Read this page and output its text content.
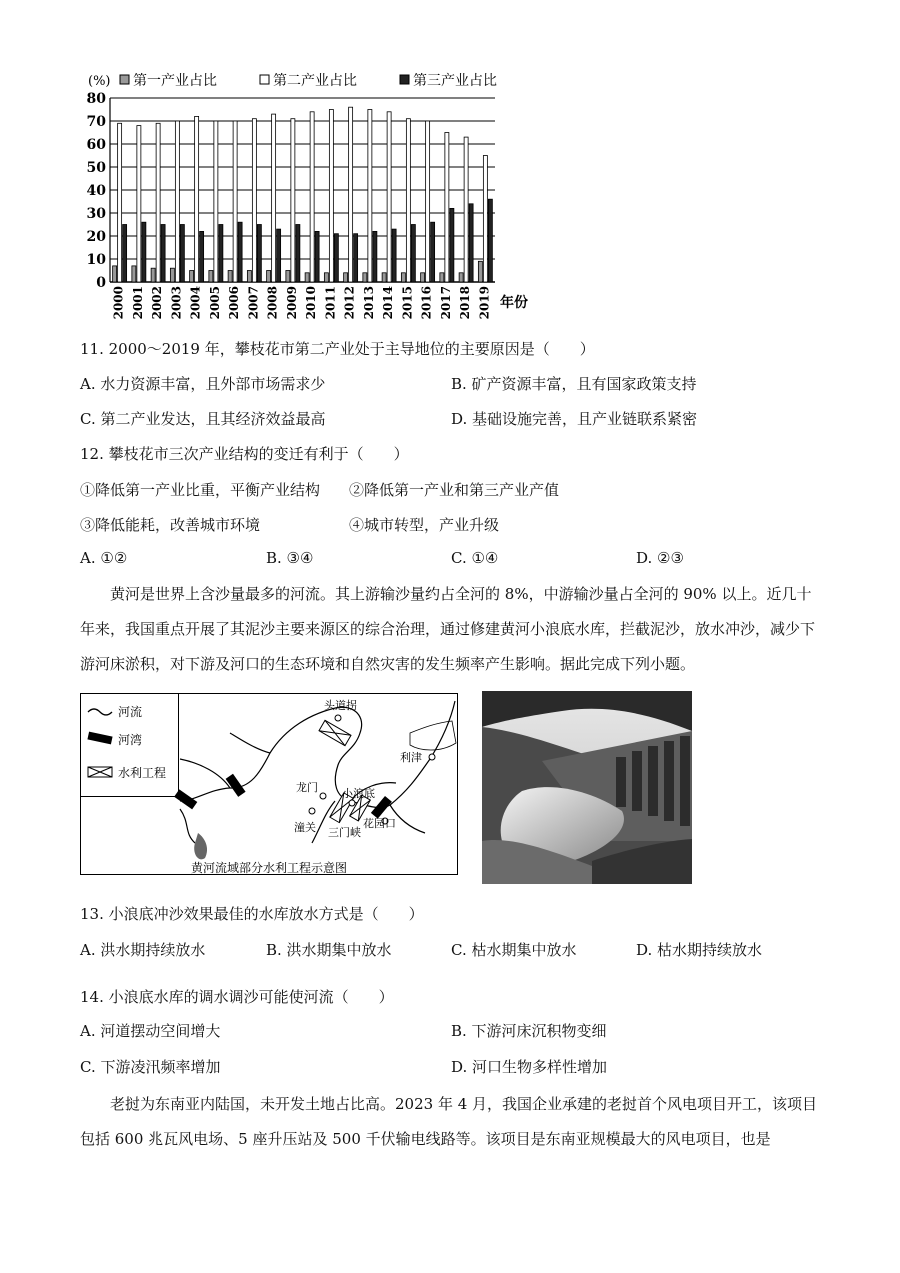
(%) 第一产业占比	第二产业占比	第三产业占比
0
10
20
30
40
50
60
70
80
2000 2001 2002 2003 2004 2005 2006 2007 2008 2009 2010 2011 2012 2013 2014 2015 2016 2017 2018 2019 年份
11. 2000～2019 年，攀枝花市第二产业处于主导地位的主要原因是（　　）
A. 水力资源丰富，且外部市场需求少	B. 矿产资源丰富，且有国家政策支持
C. 第二产业发达，且其经济效益最高	D. 基础设施完善，且产业链联系紧密
12. 攀枝花市三次产业结构的变迁有利于（　　）
①降低第一产业比重，平衡产业结构 ②降低第一产业和第三产业产值
③降低能耗，改善城市环境	④城市转型，产业升级
A. ①②	B. ③④	C. ①④	D. ②③
黄河是世界上含沙量最多的河流。其上游输沙量约占全河的 8%，中游输沙量占全河的 90% 以上。近几十年来，我国重点开展了其泥沙主要来源区的综合治理，通过修建黄河小浪底水库，拦截泥沙，放水冲沙，减少下游河床淤积，对下游及河口的生态环境和自然灾害的发生频率产生影响。据此完成下列小题。
河流
河湾
水利工程
头道拐
利津
龙门 小浪底
潼关 三门峡
花园口
黄河流域部分水利工程示意图
13. 小浪底冲沙效果最佳的水库放水方式是（　　）
A. 洪水期持续放水	B. 洪水期集中放水	C. 枯水期集中放水	D. 枯水期持续放水
14. 小浪底水库的调水调沙可能使河流（　　）
A. 河道摆动空间增大	B. 下游河床沉积物变细
C. 下游凌汛频率增加	D. 河口生物多样性增加
老挝为东南亚内陆国，未开发土地占比高。2023 年 4 月，我国企业承建的老挝首个风电项目开工，该项目包括 600 兆瓦风电场、5 座升压站及 500 千伏输电线路等。该项目是东南亚规模最大的风电项目，也是
